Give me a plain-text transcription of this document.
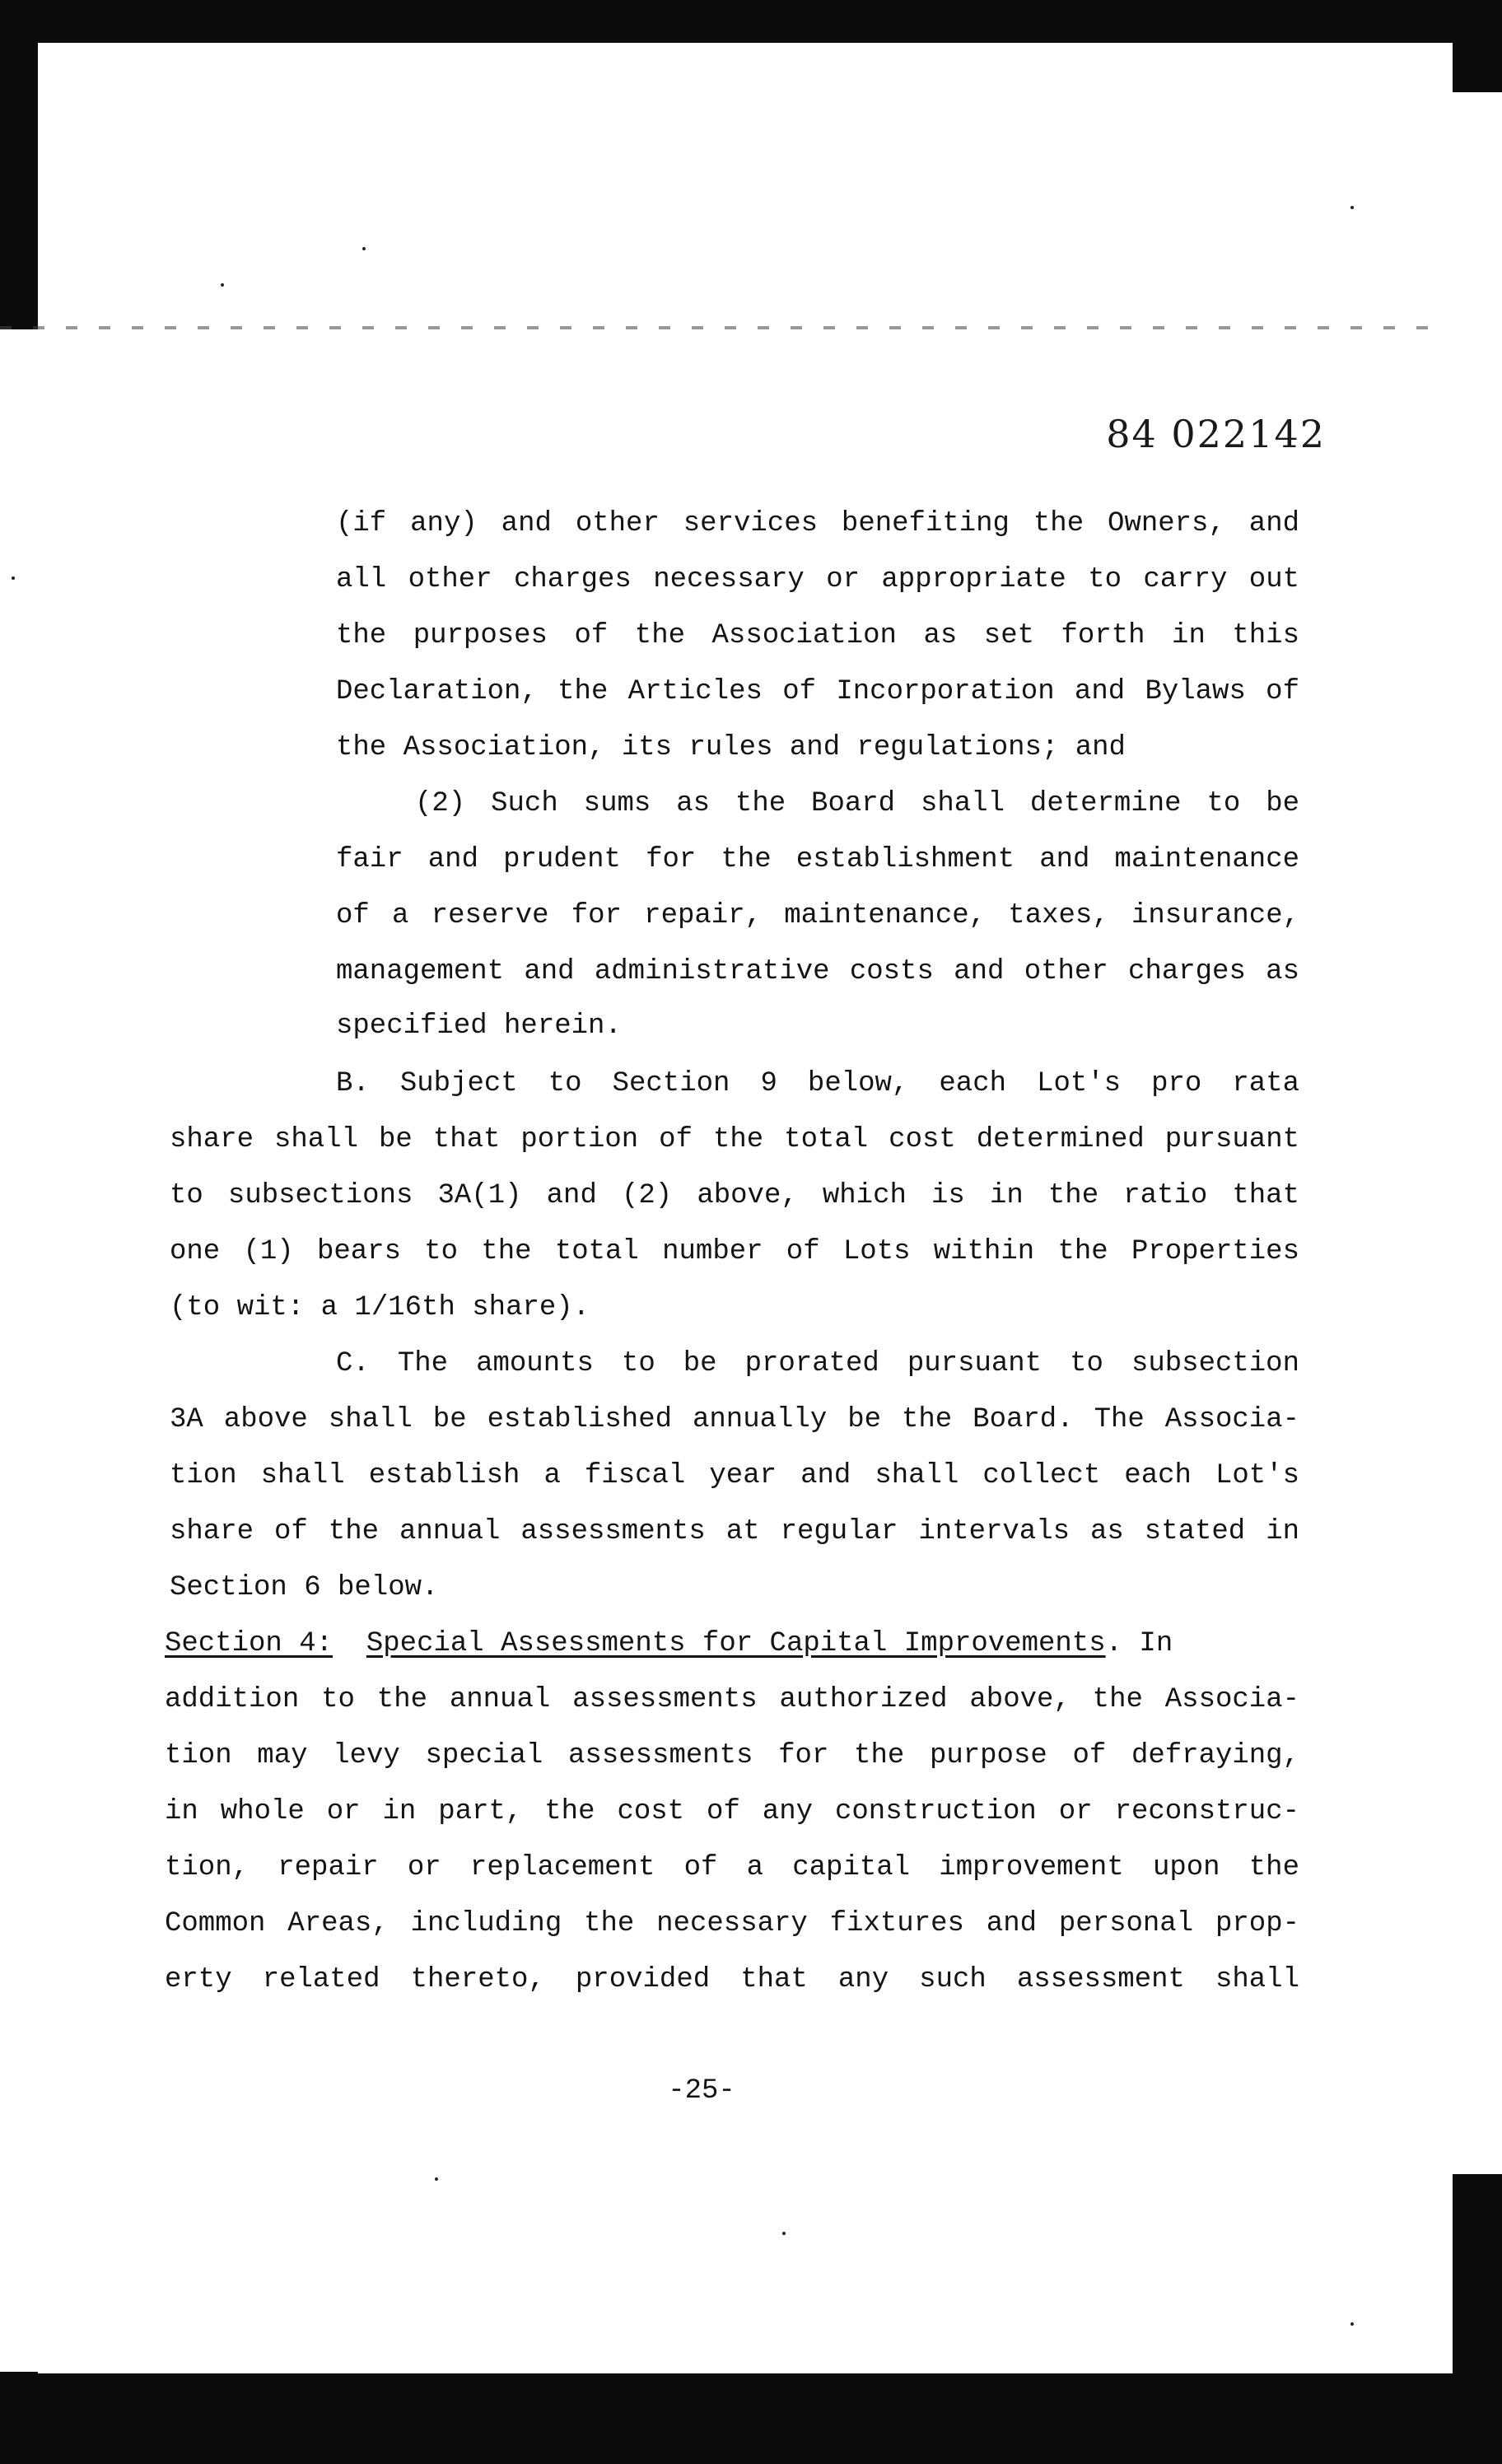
84 022142
(if any) and other services benefiting the Owners, and
all other charges necessary or appropriate to carry out
the purposes of the Association as set forth in this
Declaration, the Articles of Incorporation and Bylaws of
the Association, its rules and regulations; and
(2) Such sums as the Board shall determine to be
fair and prudent for the establishment and maintenance
of a reserve for repair, maintenance, taxes, insurance,
management and administrative costs and other charges as
specified herein.
B. Subject to Section 9 below, each Lot's pro rata
share shall be that portion of the total cost determined pursuant
to subsections 3A(1) and (2) above, which is in the ratio that
one (1) bears to the total number of Lots within the Properties
(to wit: a 1/16th share).
C. The amounts to be prorated pursuant to subsection
3A above shall be established annually be the Board. The Associa-
tion shall establish a fiscal year and shall collect each Lot's
share of the annual assessments at regular intervals as stated in
Section 6 below.
Section 4: Special Assessments for Capital Improvements. In
addition to the annual assessments authorized above, the Associa-
tion may levy special assessments for the purpose of defraying,
in whole or in part, the cost of any construction or reconstruc-
tion, repair or replacement of a capital improvement upon the
Common Areas, including the necessary fixtures and personal prop-
erty related thereto, provided that any such assessment shall
-25-
